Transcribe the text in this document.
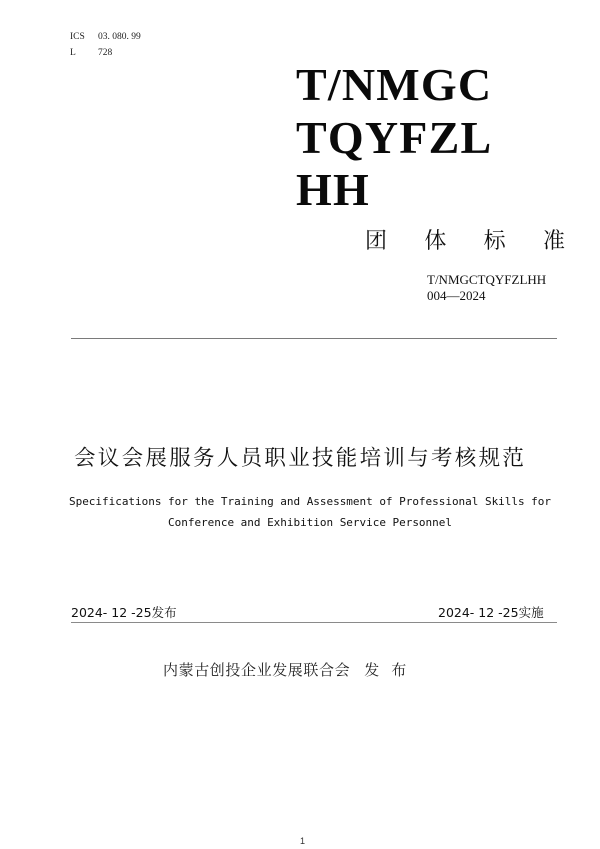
ICS	03. 080. 99
L	728
T/NMGC
TQYFZL
HH
团 体 标 准
T/NMGCTQYFZLHH
004—2024
会议会展服务人员职业技能培训与考核规范
Specifications for the Training and Assessment of Professional Skills for
Conference and Exhibition Service Personnel
2024- 12 -25发布	2024- 12 -25实施
内蒙古创投企业发展联合会 发布
1
